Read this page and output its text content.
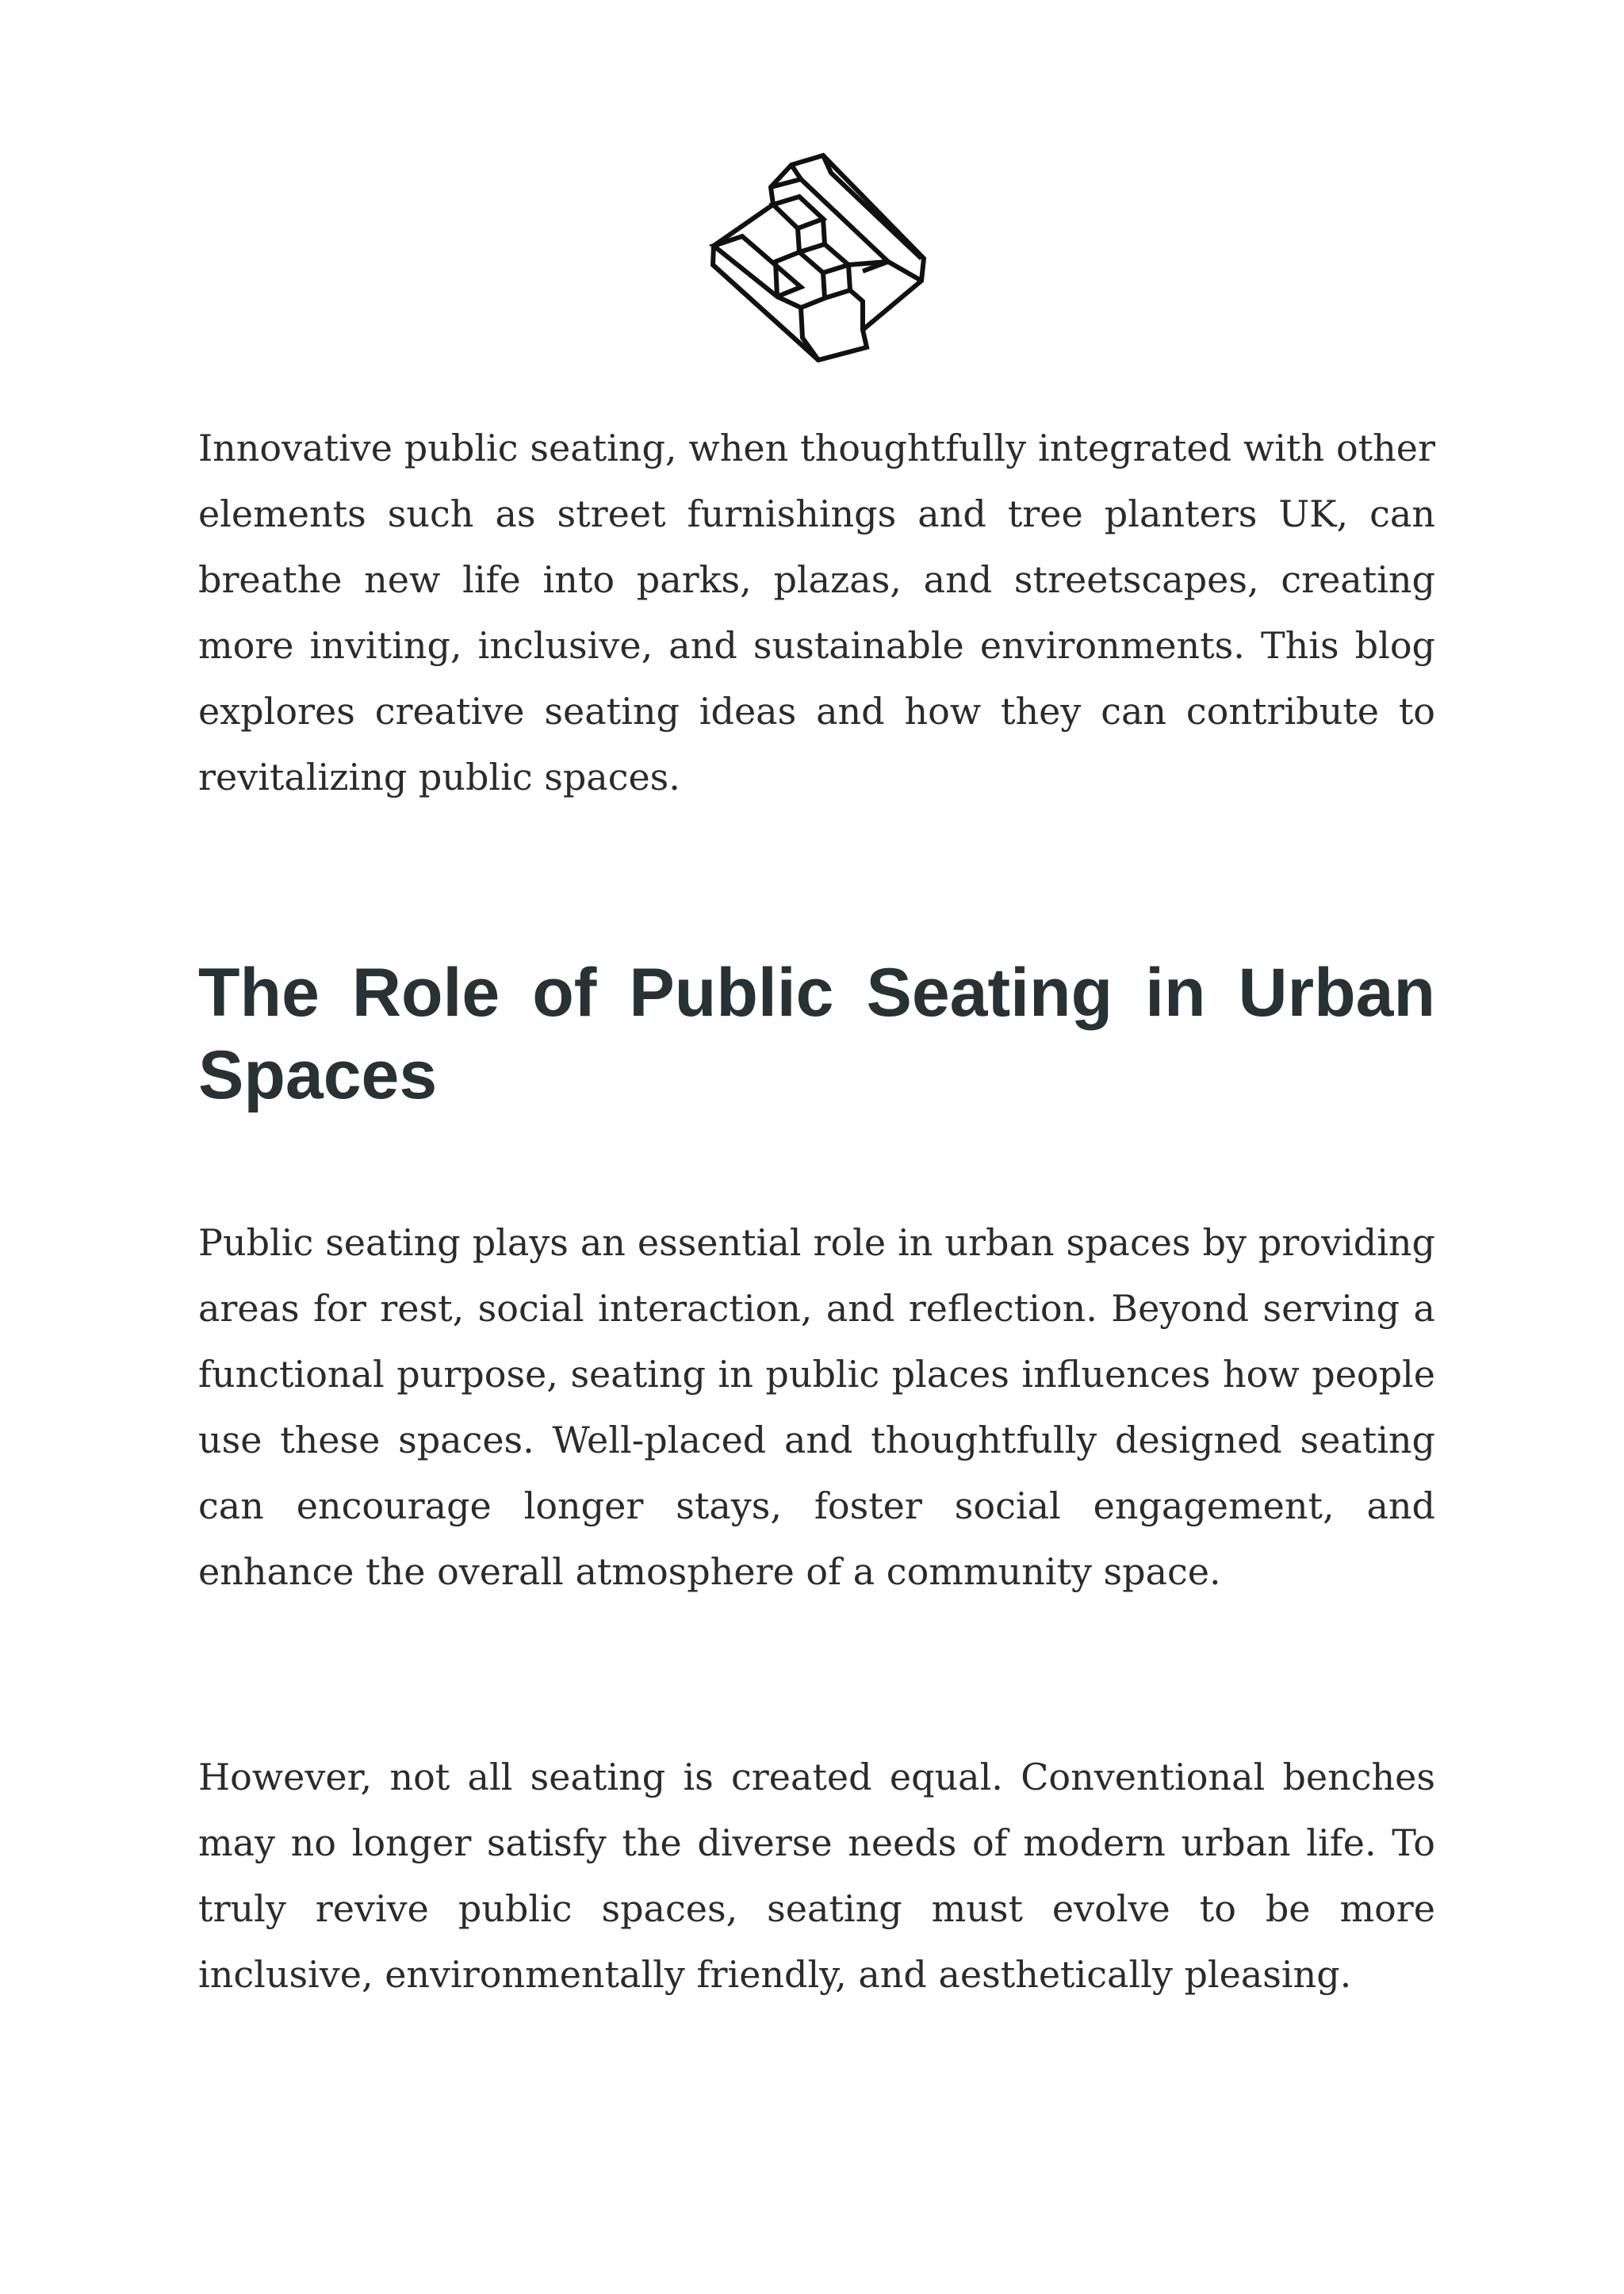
Innovative public seating, when thoughtfully integrated with other elements such as street furnishings and tree planters UK, can breathe new life into parks, plazas, and streetscapes, creating more inviting, inclusive, and sustainable environments. This blog explores creative seating ideas and how they can contribute to revitalizing public spaces.

The Role of Public Seating in Urban Spaces

Public seating plays an essential role in urban spaces by providing areas for rest, social interaction, and reflection. Beyond serving a functional purpose, seating in public places influences how people use these spaces. Well-placed and thoughtfully designed seating can encourage longer stays, foster social engagement, and enhance the overall atmosphere of a community space.

However, not all seating is created equal. Conventional benches may no longer satisfy the diverse needs of modern urban life. To truly revive public spaces, seating must evolve to be more inclusive, environmentally friendly, and aesthetically pleasing.
